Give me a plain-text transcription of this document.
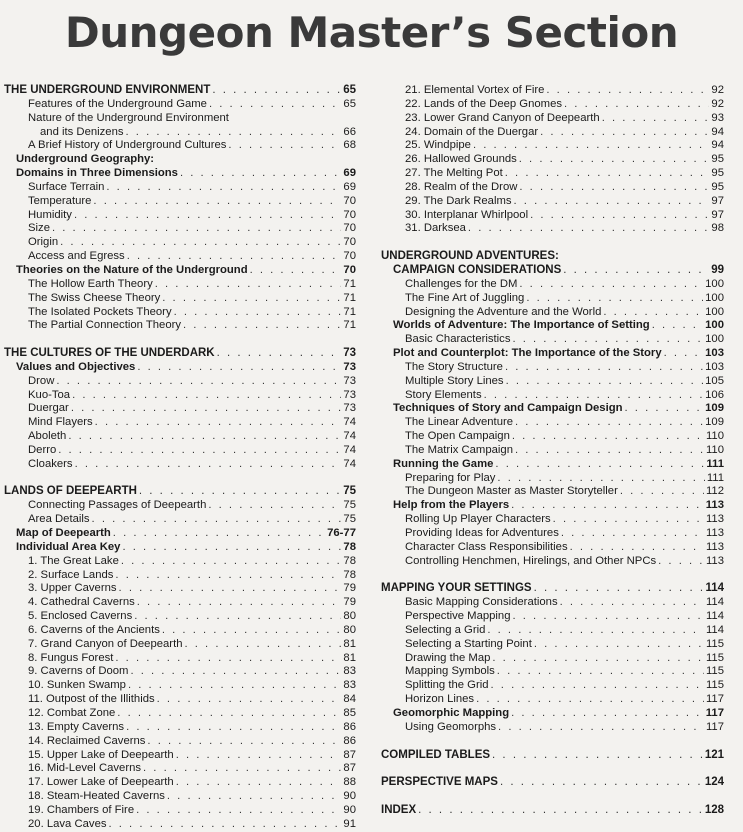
Dungeon Master’s Section
THE UNDERGROUND ENVIRONMENT . . .	65
Features of the Underground Game . . .	65
Nature of the Underground Environment
and its Denizens . . .	66
A Brief History of Underground Cultures . . .	68
Underground Geography:
Domains in Three Dimensions . . .	69
Surface Terrain . . .	69
Temperature . . .	70
Humidity . . .	70
Size . . .	70
Origin . . .	70
Access and Egress . . .	70
Theories on the Nature of the Underground . . .	70
The Hollow Earth Theory . . .	71
The Swiss Cheese Theory . . .	71
The Isolated Pockets Theory . . .	71
The Partial Connection Theory . . .	71
THE CULTURES OF THE UNDERDARK . . .	73
Values and Objectives . . .	73
Drow . . .	73
Kuo-Toa . . .	73
Duergar . . .	73
Mind Flayers . . .	74
Aboleth . . .	74
Derro . . .	74
Cloakers . . .	74
LANDS OF DEEPEARTH . . .	75
Connecting Passages of Deepearth . . .	75
Area Details . . .	75
Map of Deepearth . . .	76-77
Individual Area Key . . .	78
1. The Great Lake . . .	78
2. Surface Lands . . .	78
3. Upper Caverns . . .	79
4. Cathedral Caverns . . .	79
5. Enclosed Caverns . . .	80
6. Caverns of the Ancients . . .	80
7. Grand Canyon of Deepearth . . .	81
8. Fungus Forest . . .	81
9. Caverns of Doom . . .	83
10. Sunken Swamp . . .	83
11. Outpost of the Illithids . . .	84
12. Combat Zone . . .	85
13. Empty Caverns . . .	86
14. Reclaimed Caverns . . .	86
15. Upper Lake of Deepearth . . .	87
16. Mid-Level Caverns . . .	87
17. Lower Lake of Deepearth . . .	88
18. Steam-Heated Caverns . . .	90
19. Chambers of Fire . . .	90
20. Lava Caves . . .	91
21. Elemental Vortex of Fire . . .	92
22. Lands of the Deep Gnomes . . .	92
23. Lower Grand Canyon of Deepearth . . .	93
24. Domain of the Duergar . . .	94
25. Windpipe . . .	94
26. Hallowed Grounds . . .	95
27. The Melting Pot . . .	95
28. Realm of the Drow . . .	95
29. The Dark Realms . . .	97
30. Interplanar Whirlpool . . .	97
31. Darksea . . .	98
UNDERGROUND ADVENTURES:
CAMPAIGN CONSIDERATIONS . . .	99
Challenges for the DM . . .	100
The Fine Art of Juggling . . .	100
Designing the Adventure and the World . . .	100
Worlds of Adventure: The Importance of Setting . . .	100
Basic Characteristics . . .	100
Plot and Counterplot: The Importance of the Story . . .	103
The Story Structure . . .	103
Multiple Story Lines . . .	105
Story Elements . . .	106
Techniques of Story and Campaign Design . . .	109
The Linear Adventure . . .	109
The Open Campaign . . .	110
The Matrix Campaign . . .	110
Running the Game . . .	111
Preparing for Play . . .	111
The Dungeon Master as Master Storyteller . . .	112
Help from the Players . . .	113
Rolling Up Player Characters . . .	113
Providing Ideas for Adventures . . .	113
Character Class Responsibilities . . .	113
Controlling Henchmen, Hirelings, and Other NPCs . . .	113
MAPPING YOUR SETTINGS . . .	114
Basic Mapping Considerations . . .	114
Perspective Mapping . . .	114
Selecting a Grid . . .	114
Selecting a Starting Point . . .	115
Drawing the Map . . .	115
Mapping Symbols . . .	115
Splitting the Grid . . .	115
Horizon Lines . . .	117
Geomorphic Mapping . . .	117
Using Geomorphs . . .	117
COMPILED TABLES . . .	121
PERSPECTIVE MAPS . . .	124
INDEX . . .	128
